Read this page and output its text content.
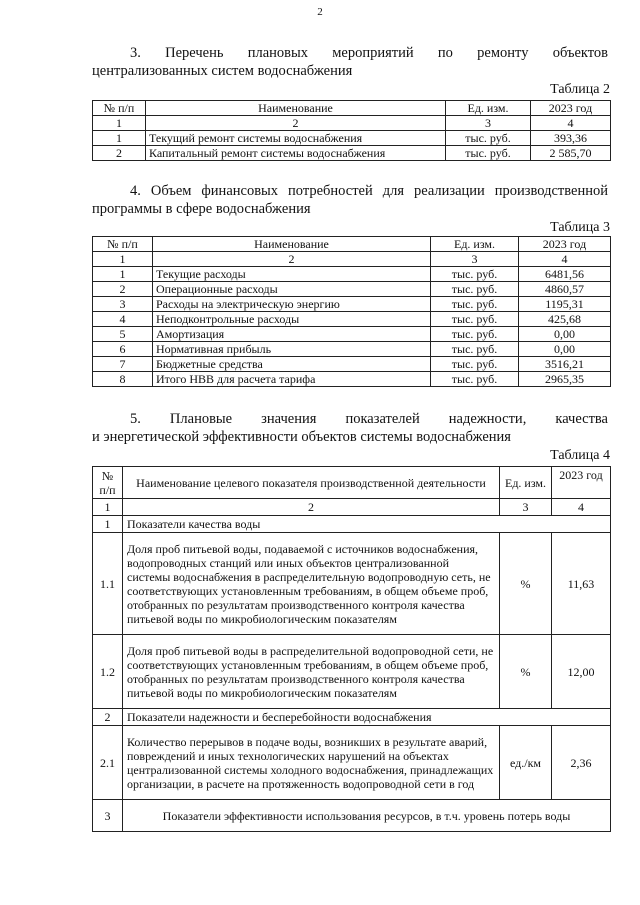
2
3. Перечень плановых мероприятий по ремонту объектов
централизованных систем водоснабжения
Таблица 2
№ п/п	Наименование	Ед. изм.	2023 год
1	2	3	4
1	Текущий ремонт системы водоснабжения	тыс. руб.	393,36
2	Капитальный ремонт системы водоснабжения	тыс. руб.	2 585,70
4. Объем финансовых потребностей для реализации производственной
программы в сфере водоснабжения
Таблица 3
№ п/п	Наименование	Ед. изм.	2023 год
1	2	3	4
1	Текущие расходы	тыс. руб.	6481,56
2	Операционные расходы	тыс. руб.	4860,57
3	Расходы на электрическую энергию	тыс. руб.	1195,31
4	Неподконтрольные расходы	тыс. руб.	425,68
5	Амортизация	тыс. руб.	0,00
6	Нормативная прибыль	тыс. руб.	0,00
7	Бюджетные средства	тыс. руб.	3516,21
8	Итого НВВ для расчета тарифа	тыс. руб.	2965,35
5. Плановые значения показателей надежности, качества
и энергетической эффективности объектов системы водоснабжения
Таблица 4
№ п/п	Наименование целевого показателя производственной деятельности	Ед. изм.	2023 год
1	2	3	4
1	Показатели качества воды		
1.1	Доля проб питьевой воды, подаваемой с источников водоснабжения, водопроводных станций или иных объектов централизованной системы водоснабжения в распределительную водопроводную сеть, не соответствующих установленным требованиям, в общем объеме проб, отобранных по результатам производственного контроля качества питьевой воды по микробиологическим показателям	%	11,63
1.2	Доля проб питьевой воды в распределительной водопроводной сети, не соответствующих установленным требованиям, в общем объеме проб, отобранных по результатам производственного контроля качества питьевой воды по микробиологическим показателям	%	12,00
2	Показатели надежности и бесперебойности водоснабжения		
2.1	Количество перерывов в подаче воды, возникших в результате аварий, повреждений и иных технологических нарушений на объектах централизованной системы холодного водоснабжения, принадлежащих организации, в расчете на протяженность водопроводной сети в год	ед./км	2,36
3	Показатели эффективности использования ресурсов, в т.ч. уровень потерь воды		
